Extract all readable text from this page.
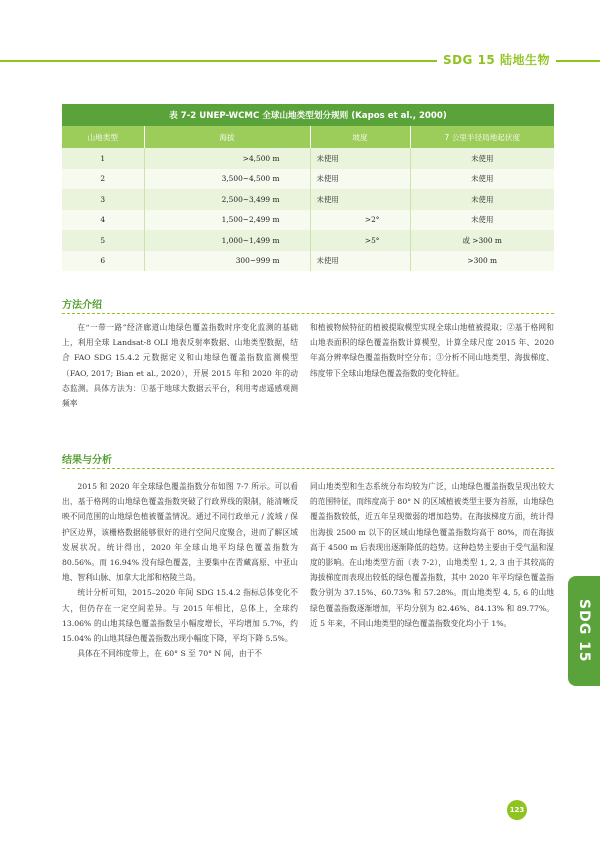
SDG 15 陆地生物
表 7-2 UNEP-WCMC 全球山地类型划分规则 (Kapos et al., 2000)			
山地类型	海拔	坡度	7 公里半径局地起伏度
1	>4,500 m	未使用	未使用
2	3,500~4,500 m	未使用	未使用
3	2,500~3,499 m	未使用	未使用
4	1,500~2,499 m	>2°	未使用
5	1,000~1,499 m	>5°	或 >300 m
6	300~999 m	未使用	>300 m
方法介绍

在“一带一路”经济廊道山地绿色覆盖指数时序变化监测的基础上，利用全球 Landsat-8 OLI 地表反射率数据、山地类型数据，结合 FAO SDG 15.4.2 元数据定义和山地绿色覆盖指数监测模型（FAO, 2017; Bian et al., 2020），开展 2015 年和 2020 年的动态监测。具体方法为：①基于地球大数据云平台，利用考虑遥感观测频率

和植被物候特征的植被提取模型实现全球山地植被提取；②基于格网和山地表面积的绿色覆盖指数计算模型，计算全球尺度 2015 年、2020 年高分辨率绿色覆盖指数时空分布；③分析不同山地类型、海拔梯度、纬度带下全球山地绿色覆盖指数的变化特征。

结果与分析

2015 和 2020 年全球绿色覆盖指数分布如图 7-7 所示。可以看出，基于格网的山地绿色覆盖指数突破了行政界线的限制，能清晰反映不同范围的山地绿色植被覆盖情况。通过不同行政单元 / 流域 / 保护区边界，该栅格数据能够很好的进行空间尺度聚合，进而了解区域发展状况。统计得出，2020 年全球山地平均绿色覆盖指数为 80.56%。而 16.94% 没有绿色覆盖，主要集中在青藏高原、中亚山地、智利山脉、加拿大北部和格陵兰岛。

统计分析可知，2015–2020 年间 SDG 15.4.2 指标总体变化不大，但仍存在一定空间差异。与 2015 年相比，总体上，全球约 13.06% 的山地其绿色覆盖指数呈小幅度增长，平均增加 5.7%，约 15.04% 的山地其绿色覆盖指数出现小幅度下降，平均下降 5.5%。

具体在不同纬度带上，在 60° S 至 70° N 间，由于不

同山地类型和生态系统分布均较为广泛，山地绿色覆盖指数呈现出较大的范围特征，而纬度高于 80° N 的区域植被类型主要为苔原，山地绿色覆盖指数较低，近五年呈现微弱的增加趋势。在海拔梯度方面，统计得出海拔 2500 m 以下的区域山地绿色覆盖指数均高于 80%，而在海拔高于 4500 m 后表现出逐渐降低的趋势。这种趋势主要由于受气温和湿度的影响。在山地类型方面（表 7-2），山地类型 1, 2, 3 由于其较高的海拔梯度而表现出较低的绿色覆盖指数，其中 2020 年平均绿色覆盖指数分别为 37.15%、60.73% 和 57.28%。而山地类型 4, 5, 6 的山地绿色覆盖指数逐渐增加，平均分别为 82.46%、84.13% 和 89.77%。近 5 年来，不同山地类型的绿色覆盖指数变化均小于 1%。	SDG 15
123
